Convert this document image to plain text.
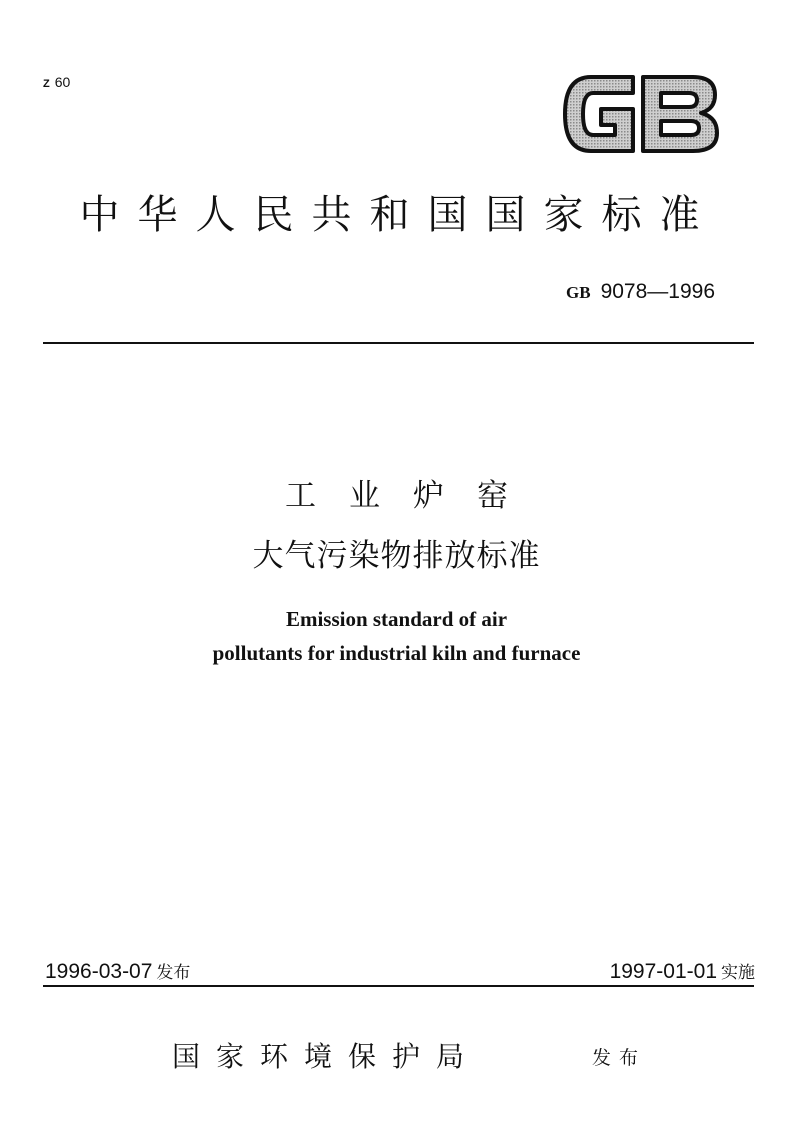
Z 60
中华人民共和国国家标准
GB 9078—1996
工业炉窑
大气污染物排放标准
Emission standard of air
pollutants for industrial kiln and furnace
1996-03-07 发布	1997-01-01 实施
国家环境保护局	发布
